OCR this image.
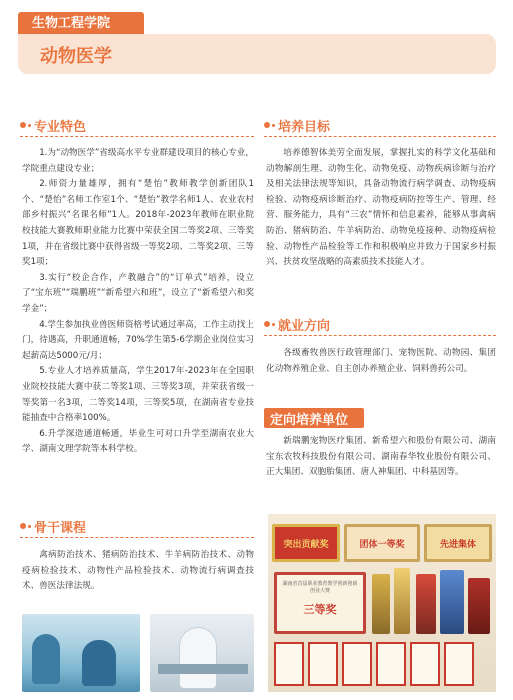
生物工程学院
动物医学
专业特色

1.为“动物医学”省级高水平专业群建设项目的核心专业，学院重点建设专业；

2.师资力量雄厚，拥有“楚怡”教师教学创新团队1个、“楚怡”名师工作室1个、“楚怡”教学名师1人、农业农村部乡村振兴“名课名师”1人。2018年-2023年教师在职业院校技能大赛教师职业能力比赛中荣获全国二等奖2项、三等奖1项，并在省级比赛中获得省级一等奖2项、二等奖2项、三等奖1项；

3.实行“校企合作，产教融合”的“订单式”培养，设立了“宝东班”“瑞鹏班”“新希望六和班”，设立了“新希望六和奖学金”；

4.学生参加执业兽医师资格考试通过率高，工作主动找上门，待遇高，升职通道畅，70%学生第5-6学期企业岗位实习起薪高达5000元/月；

5.专业人才培养质量高，学生2017年-2023年在全国职业院校技能大赛中获二等奖1项、三等奖3项，并荣获省级一等奖第一名3项，二等奖14项，三等奖5项，在湖南省专业技能抽查中合格率100%。

6.升学深造通道畅通，毕业生可对口升学至湖南农业大学、湖南文理学院等本科学校。

骨干课程

禽病防治技术、猪病防治技术、牛羊病防治技术、动物疫病检验技术、动物性产品检验技术、动物流行病调查技术、兽医法律法规。

培养目标

培养德智体美劳全面发展，掌握扎实的科学文化基础和动物解剖生理、动物生化、动物免疫、动物疾病诊断与治疗及相关法律法规等知识，具备动物流行病学调查、动物疫病检验、动物疫病诊断治疗、动物疫病防控等生产、管理、经营、服务能力，具有“三农”情怀和信息素养，能够从事禽病防治、猪病防治、牛羊病防治、动物免疫接种、动物疫病检验、动物性产品检验等工作和积极响应并致力于国家乡村振兴、扶贫攻坚战略的高素质技术技能人才。

就业方向

各级畜牧兽医行政管理部门、宠物医院、动物园、集团化动物养殖企业、自主创办养殖企业、饲料兽药公司。

定向培养单位

新瑞鹏宠物医疗集团、新希望六和股份有限公司、湖南宝东农牧科技股份有限公司、湖南春华牧业股份有限公司、正大集团、双胞胎集团、唐人神集团、中科基因等。

突出贡献奖	团体一等奖	先进集体
湖南省首届职业教育教学创新创新创业大赛
三等奖
